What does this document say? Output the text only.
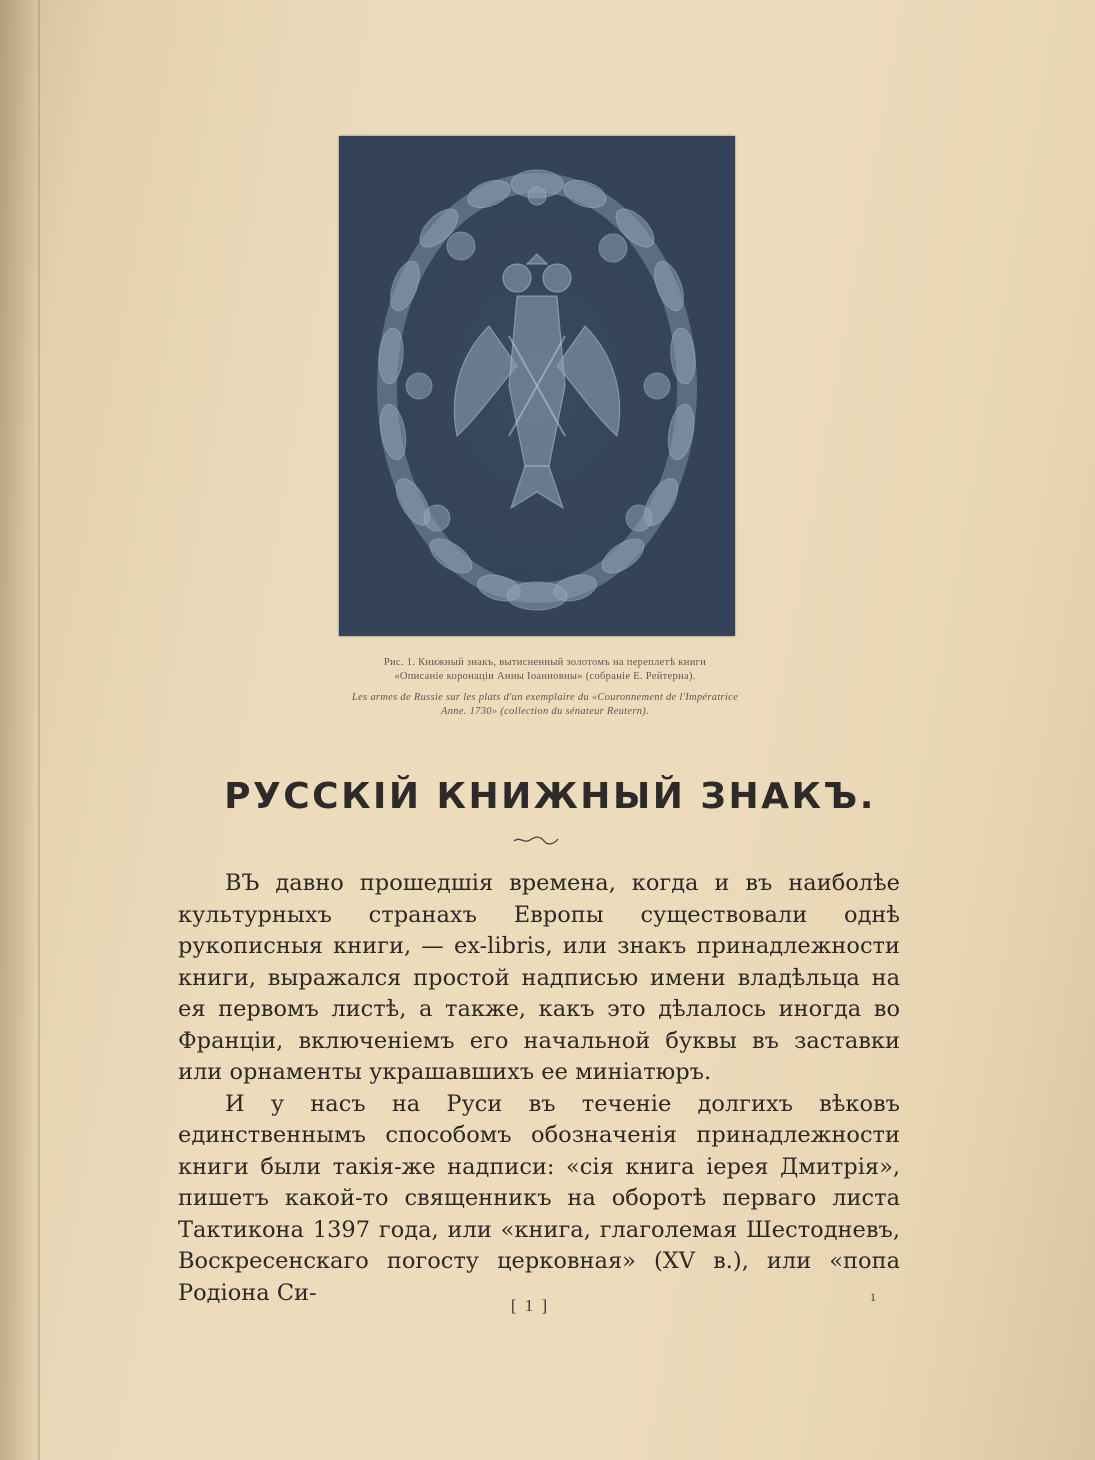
Рис. 1. Книжный знакъ, вытисненный золотомъ на переплетѣ книги
«Описаніе коронаціи Анны Іоанновны» (собраніе Е. Рейтерна).

Les armes de Russie sur les plats d'un exemplaire du «Couronnement de l'Impératrice
Anne. 1730» (collection du sénateur Reutern).

РУССКІЙ КНИЖНЫЙ ЗНАКЪ.

ВЪ давно прошедшія времена, когда и въ наиболѣе культурныхъ странахъ Европы существовали однѣ рукописныя книги, — ex-libris, или знакъ принадлежности книги, выражался простой надписью имени владѣльца на ея первомъ листѣ, а также, какъ это дѣлалось иногда во Франціи, включеніемъ его начальной буквы въ заставки или орнаменты украшавшихъ ее миніатюръ.

И у насъ на Руси въ теченіе долгихъ вѣковъ единственнымъ способомъ обозначенія принадлежности книги были такія-же надписи: «сія книга іерея Дмитрія», пишетъ какой-то священникъ на оборотѣ перваго листа Тактикона 1397 года, или «книга, глаголемая Шестодневъ, Воскресенскаго погосту церковная» (XV в.), или «попа Родіона Си-	[ 1 ]	1
